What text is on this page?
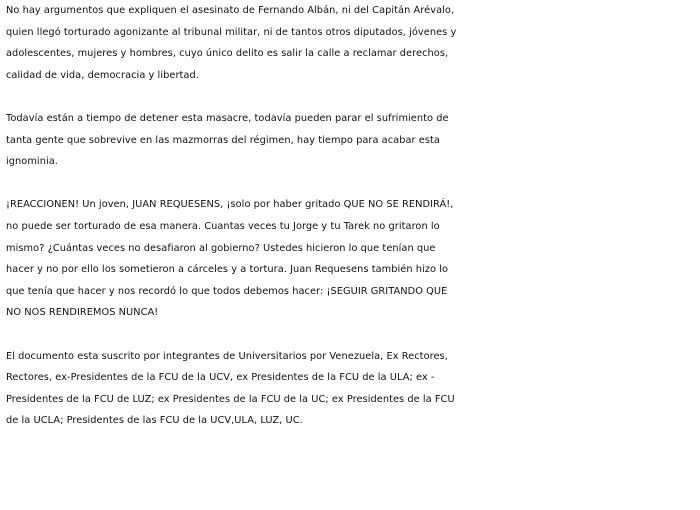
No hay argumentos que expliquen el asesinato de Fernando Albán, ni del Capitán Arévalo,
quien llegó torturado agonizante al tribunal militar, ni de tantos otros diputados, jóvenes y
adolescentes, mujeres y hombres, cuyo único delito es salir la calle a reclamar derechos,
calidad de vida, democracia y libertad.

Todavía están a tiempo de detener esta masacre, todavía pueden parar el sufrimiento de
tanta gente que sobrevive en las mazmorras del régimen, hay tiempo para acabar esta
ignominia.

¡REACCIONEN! Un joven, JUAN REQUESENS, ¡solo por haber gritado QUE NO SE RENDIRÁ!,
no puede ser torturado de esa manera. Cuantas veces tu Jorge y tu Tarek no gritaron lo
mismo? ¿Cuántas veces no desafiaron al gobierno? Ustedes hicieron lo que tenían que
hacer y no por ello los sometieron a cárceles y a tortura. Juan Requesens también hizo lo
que tenía que hacer y nos recordó lo que todos debemos hacer: ¡SEGUIR GRITANDO QUE
NO NOS RENDIREMOS NUNCA!

El documento esta suscrito por integrantes de Universitarios por Venezuela, Ex Rectores,
Rectores, ex-Presidentes de la FCU de la UCV, ex Presidentes de la FCU de la ULA; ex -
Presidentes de la FCU de LUZ; ex Presidentes de la FCU de la UC; ex Presidentes de la FCU
de la UCLA; Presidentes de las FCU de la UCV,ULA, LUZ, UC.
